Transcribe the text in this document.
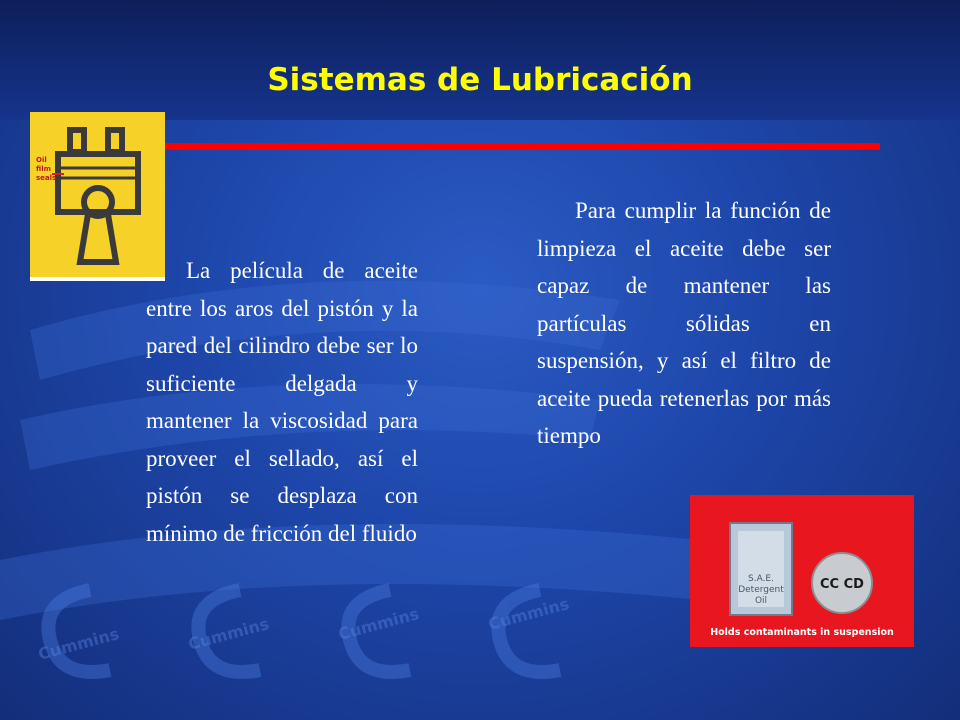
Cummins	Cummins	Cummins	Cummins
Sistemas de Lubricación
Oil
film
seals
La película de aceite entre los aros del pistón y la pared del cilindro debe ser lo suficiente delgada y mantener la viscosidad para proveer el sellado, así el pistón se desplaza con mínimo de fricción del fluido
Para cumplir la función de limpieza el aceite debe ser capaz de mantener las partículas sólidas en suspensión, y así el filtro de aceite pueda retenerlas por más tiempo
S.A.E.
Detergent
Oil
CC CD
Holds contaminants in suspension
